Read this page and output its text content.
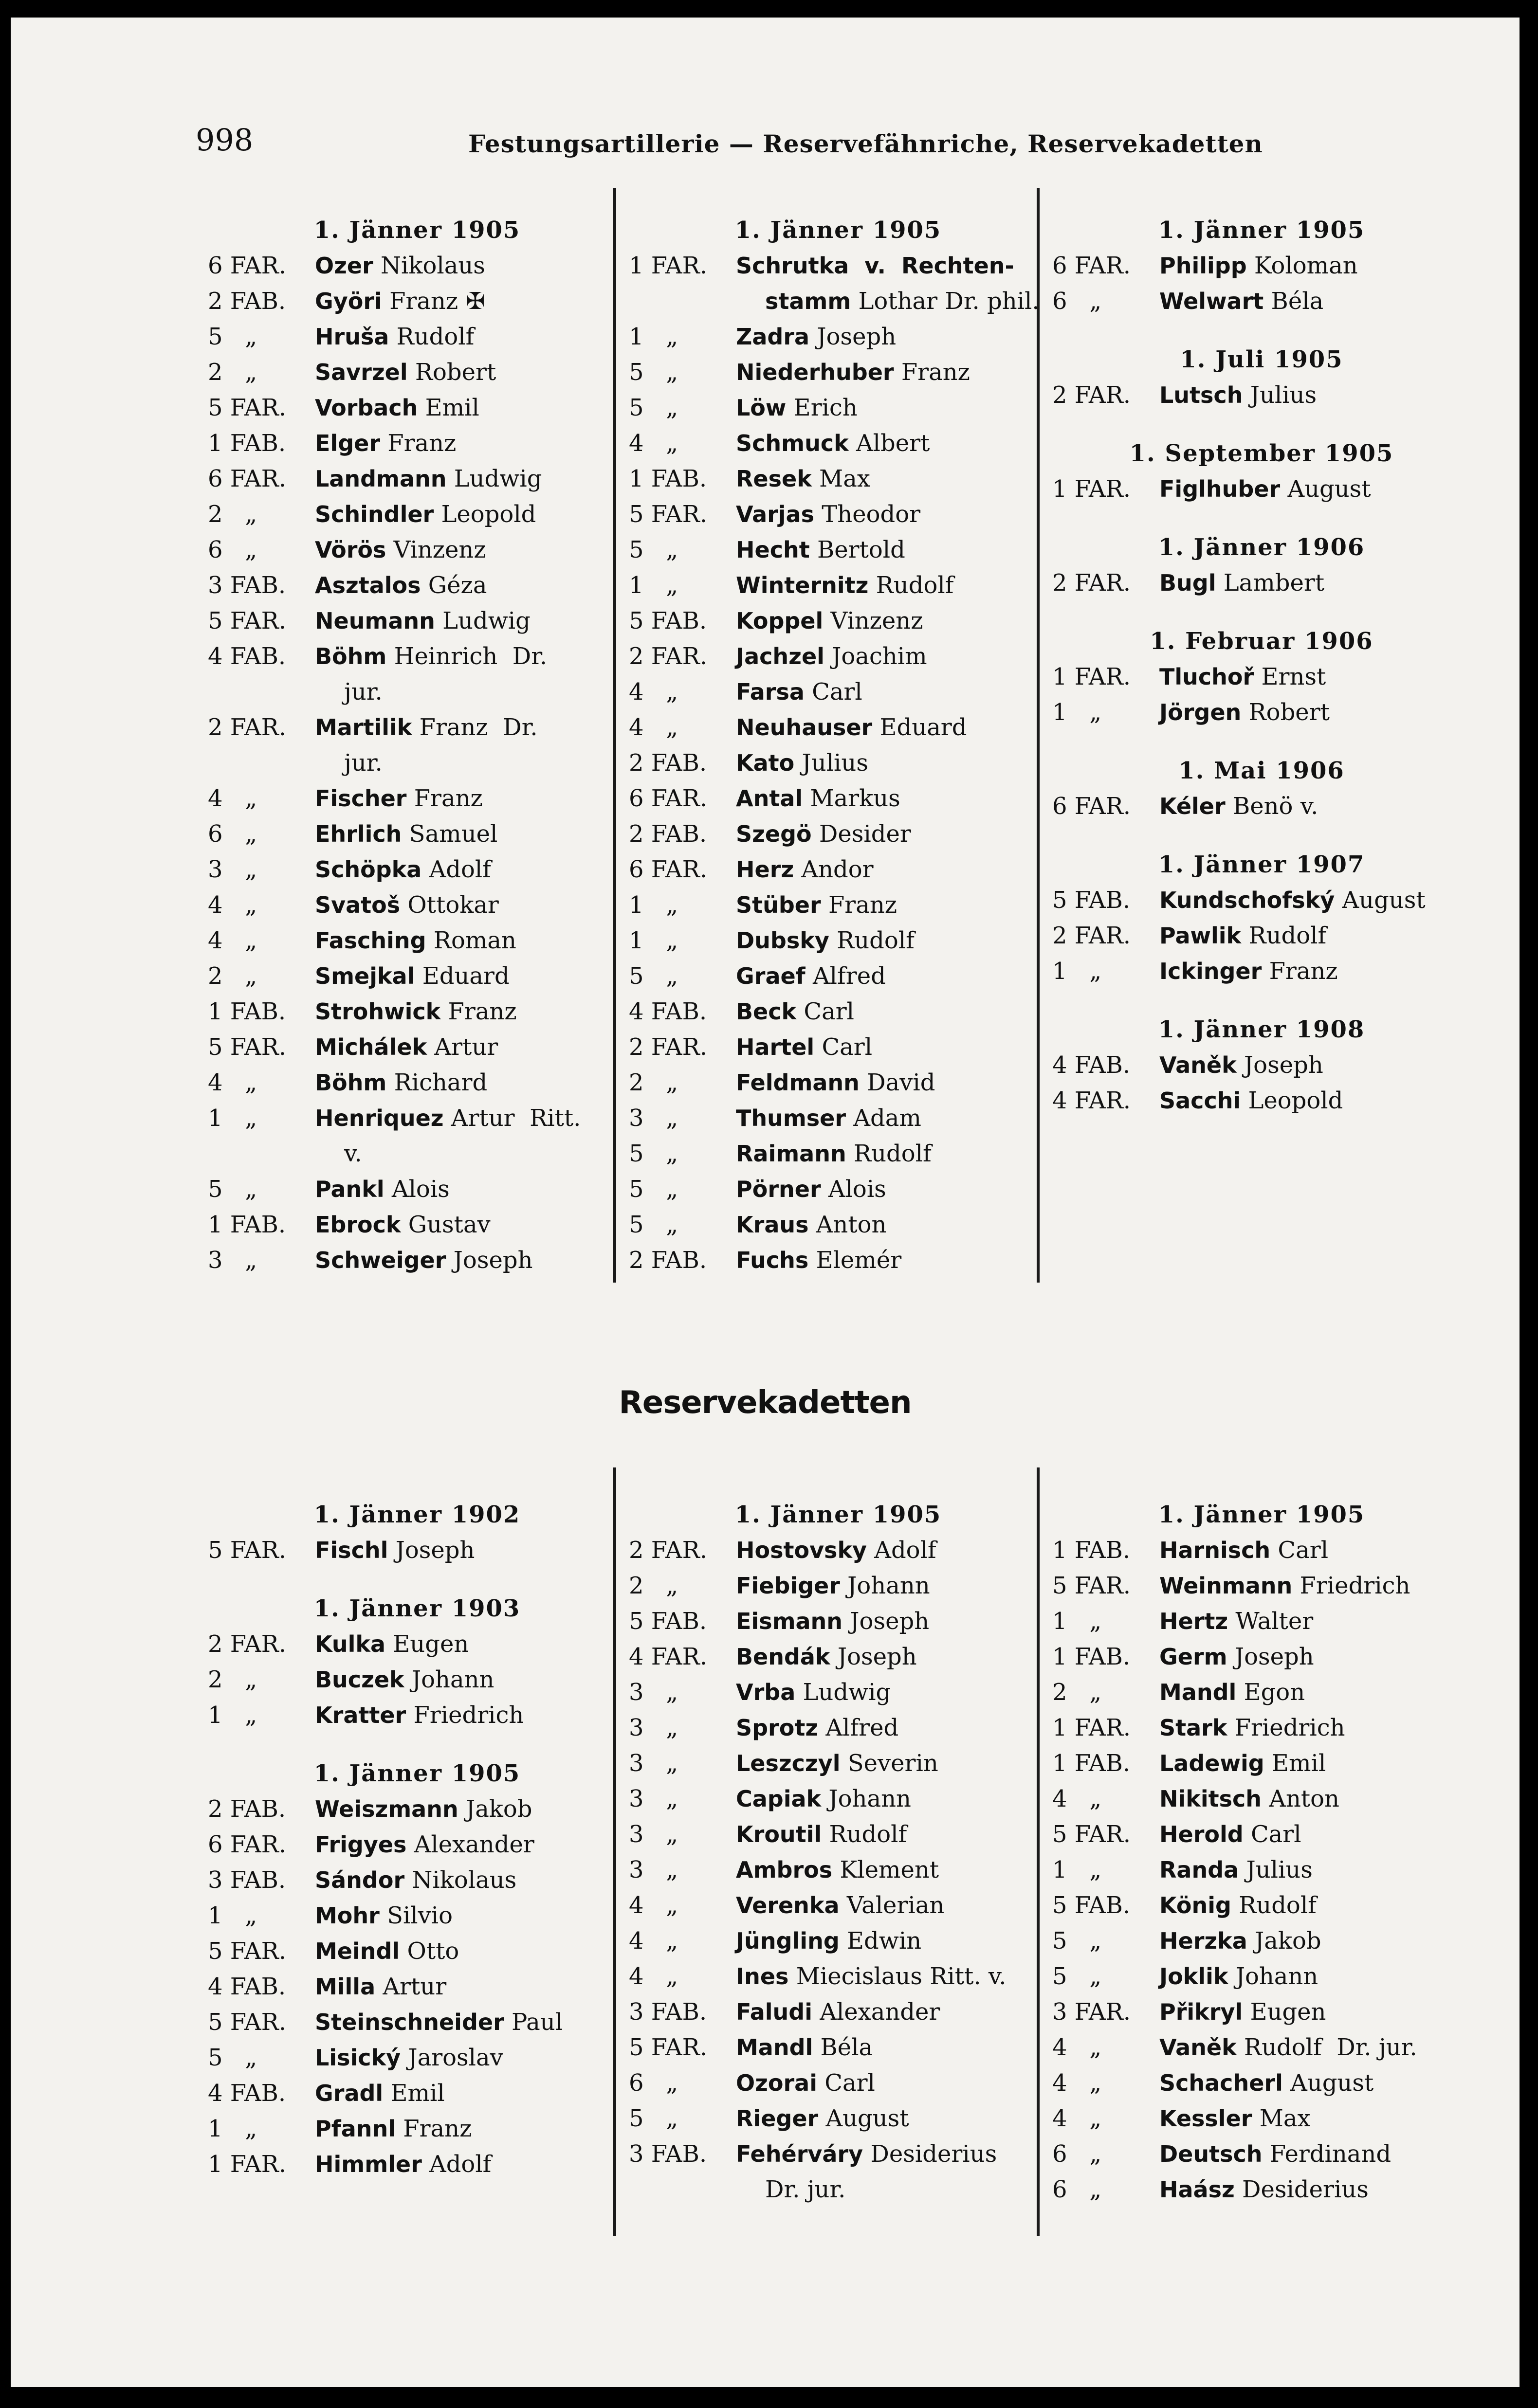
998	Festungsartillerie — Reservefähnriche, Reservekadetten
1. Jänner 1905
6 FAR.	Ozer Nikolaus
2 FAB.	Györi Franz ✠
5   „	Hruša Rudolf
2   „	Savrzel Robert
5 FAR.	Vorbach Emil
1 FAB.	Elger Franz
6 FAR.	Landmann Ludwig
2   „	Schindler Leopold
6   „	Vörös Vinzenz
3 FAB.	Asztalos Géza
5 FAR.	Neumann Ludwig
4 FAB.	Böhm Heinrich  Dr.
jur.
2 FAR.	Martilik Franz  Dr.
jur.
4   „	Fischer Franz
6   „	Ehrlich Samuel
3   „	Schöpka Adolf
4   „	Svatoš Ottokar
4   „	Fasching Roman
2   „	Smejkal Eduard
1 FAB.	Strohwick Franz
5 FAR.	Michálek Artur
4   „	Böhm Richard
1   „	Henriquez Artur  Ritt.
v.
5   „	Pankl Alois
1 FAB.	Ebrock Gustav
3   „	Schweiger Joseph
1. Jänner 1905
1 FAR.	Schrutka  v.  Rechten-
stamm Lothar Dr. phil.
1   „	Zadra Joseph
5   „	Niederhuber Franz
5   „	Löw Erich
4   „	Schmuck Albert
1 FAB.	Resek Max
5 FAR.	Varjas Theodor
5   „	Hecht Bertold
1   „	Winternitz Rudolf
5 FAB.	Koppel Vinzenz
2 FAR.	Jachzel Joachim
4   „	Farsa Carl
4   „	Neuhauser Eduard
2 FAB.	Kato Julius
6 FAR.	Antal Markus
2 FAB.	Szegö Desider
6 FAR.	Herz Andor
1   „	Stüber Franz
1   „	Dubsky Rudolf
5   „	Graef Alfred
4 FAB.	Beck Carl
2 FAR.	Hartel Carl
2   „	Feldmann David
3   „	Thumser Adam
5   „	Raimann Rudolf
5   „	Pörner Alois
5   „	Kraus Anton
2 FAB.	Fuchs Elemér
1. Jänner 1905
6 FAR.	Philipp Koloman
6   „	Welwart Béla
1. Juli 1905
2 FAR.	Lutsch Julius
1. September 1905
1 FAR.	Figlhuber August
1. Jänner 1906
2 FAR.	Bugl Lambert
1. Februar 1906
1 FAR.	Tluchoř Ernst
1   „	Jörgen Robert
1. Mai 1906
6 FAR.	Kéler Benö v.
1. Jänner 1907
5 FAB.	Kundschofský August
2 FAR.	Pawlik Rudolf
1   „	Ickinger Franz
1. Jänner 1908
4 FAB.	Vaněk Joseph
4 FAR.	Sacchi Leopold
Reservekadetten
1. Jänner 1902
5 FAR.	Fischl Joseph
1. Jänner 1903
2 FAR.	Kulka Eugen
2   „	Buczek Johann
1   „	Kratter Friedrich
1. Jänner 1905
2 FAB.	Weiszmann Jakob
6 FAR.	Frigyes Alexander
3 FAB.	Sándor Nikolaus
1   „	Mohr Silvio
5 FAR.	Meindl Otto
4 FAB.	Milla Artur
5 FAR.	Steinschneider Paul
5   „	Lisický Jaroslav
4 FAB.	Gradl Emil
1   „	Pfannl Franz
1 FAR.	Himmler Adolf
1. Jänner 1905
2 FAR.	Hostovsky Adolf
2   „	Fiebiger Johann
5 FAB.	Eismann Joseph
4 FAR.	Bendák Joseph
3   „	Vrba Ludwig
3   „	Sprotz Alfred
3   „	Leszczyl Severin
3   „	Capiak Johann
3   „	Kroutil Rudolf
3   „	Ambros Klement
4   „	Verenka Valerian
4   „	Jüngling Edwin
4   „	Ines Miecislaus Ritt. v.
3 FAB.	Faludi Alexander
5 FAR.	Mandl Béla
6   „	Ozorai Carl
5   „	Rieger August
3 FAB.	Fehérváry Desiderius
Dr. jur.
1. Jänner 1905
1 FAB.	Harnisch Carl
5 FAR.	Weinmann Friedrich
1   „	Hertz Walter
1 FAB.	Germ Joseph
2   „	Mandl Egon
1 FAR.	Stark Friedrich
1 FAB.	Ladewig Emil
4   „	Nikitsch Anton
5 FAR.	Herold Carl
1   „	Randa Julius
5 FAB.	König Rudolf
5   „	Herzka Jakob
5   „	Joklik Johann
3 FAR.	Přikryl Eugen
4   „	Vaněk Rudolf  Dr. jur.
4   „	Schacherl August
4   „	Kessler Max
6   „	Deutsch Ferdinand
6   „	Haász Desiderius
